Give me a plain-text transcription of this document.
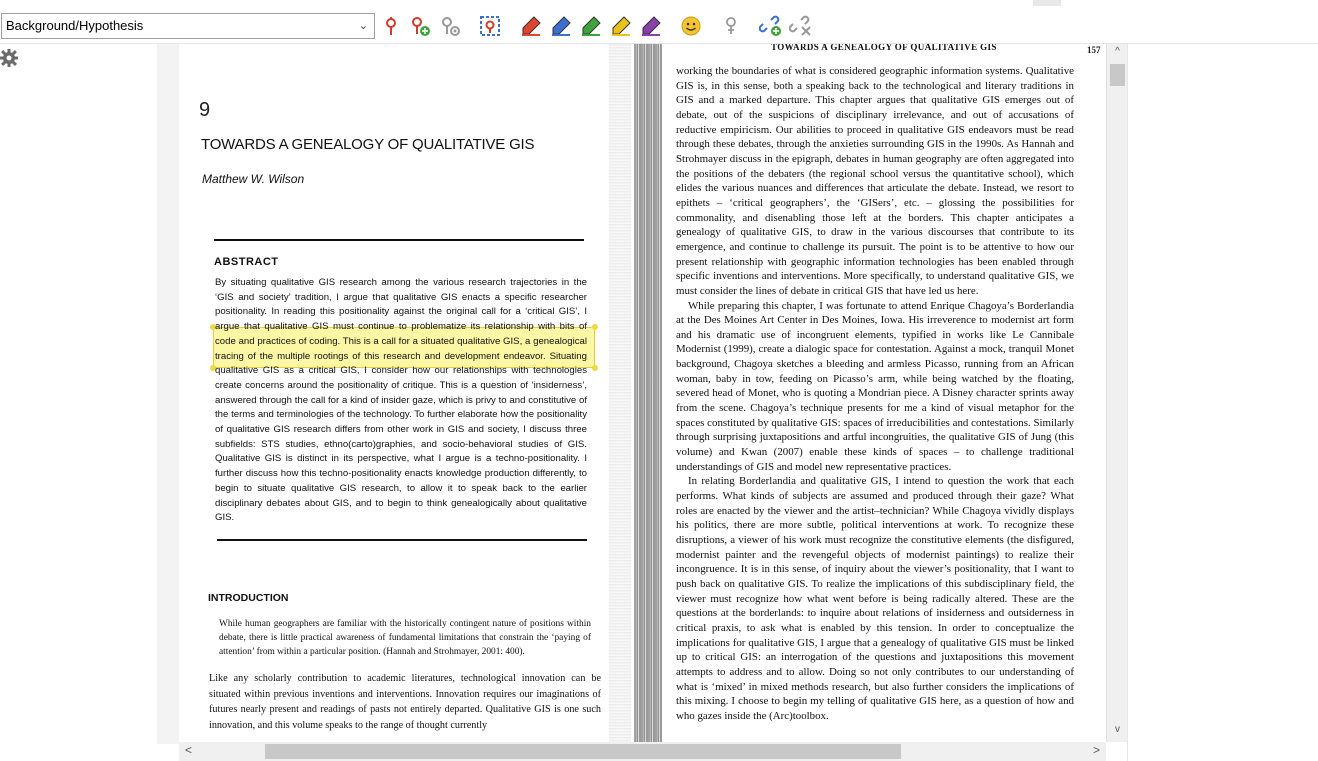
Background/Hypothesis	⌄
9
TOWARDS A GENEALOGY OF QUALITATIVE GIS
Matthew W. Wilson
ABSTRACT
By situating qualitative GIS research among the various research trajectories in the ‘GIS and society’ tradition, I argue that qualitative GIS enacts a specific researcher positionality. In reading this positionality against the original call for a ‘critical GIS’, I argue that qualitative GIS must continue to problematize its relationship with bits of code and practices of coding. This is a call for a situated qualitative GIS, a genealogical tracing of the multiple rootings of this research and development endeavor. Situating qualitative GIS as a critical GIS, I consider how our relationships with technologies create concerns around the positionality of critique. This is a question of ‘insiderness’, answered through the call for a kind of insider gaze, which is privy to and constitutive of the terms and terminologies of the technology. To further elaborate how the positionality of qualitative GIS research differs from other work in GIS and society, I discuss three subfields: STS studies, ethno(carto)graphies, and socio-behavioral studies of GIS. Qualitative GIS is distinct in its perspective, what I argue is a techno-positionality. I further discuss how this techno-positionality enacts knowledge production differently, to begin to situate qualitative GIS research, to allow it to speak back to the earlier disciplinary debates about GIS, and to begin to think genealogically about qualitative GIS.
INTRODUCTION
While human geographers are familiar with the historically contingent nature of positions within debate, there is little practical awareness of fundamental limitations that constrain the ‘paying of attention’ from within a particular position. (Hannah and Strohmayer, 2001: 400).
Like any scholarly contribution to academic literatures, technological innovation can be situated within previous inventions and interventions. Innovation requires our imaginations of futures nearly present and readings of pasts not entirely departed. Qualitative GIS is one such innovation, and this volume speaks to the range of thought currently
TOWARDS A GENEALOGY OF QUALITATIVE GIS	157

working the boundaries of what is considered geographic information systems. Qualitative GIS is, in this sense, both a speaking back to the technological and literary traditions in GIS and a marked departure. This chapter argues that qualitative GIS emerges out of debate, out of the suspicions of disciplinary irrelevance, and out of accusations of reductive empiricism. Our abilities to proceed in qualitative GIS endeavors must be read through these debates, through the anxieties surrounding GIS in the 1990s. As Hannah and Strohmayer discuss in the epigraph, debates in human geography are often aggregated into the positions of the debaters (the regional school versus the quantitative school), which elides the various nuances and differences that articulate the debate. Instead, we resort to epithets – ‘critical geographers’, the ‘GISers’, etc. – glossing the possibilities for commonality, and disenabling those left at the borders. This chapter anticipates a genealogy of qualitative GIS, to draw in the various discourses that contribute to its emergence, and continue to challenge its pursuit. The point is to be attentive to how our present relationship with geographic information technologies has been enabled through specific inventions and interventions. More specifically, to understand qualitative GIS, we must consider the lines of debate in critical GIS that have led us here.

While preparing this chapter, I was fortunate to attend Enrique Chagoya’s Borderlandia at the Des Moines Art Center in Des Moines, Iowa. His irreverence to modernist art form and his dramatic use of incongruent elements, typified in works like Le Cannibale Modernist (1999), create a dialogic space for contestation. Against a mock, tranquil Monet background, Chagoya sketches a bleeding and armless Picasso, running from an African woman, baby in tow, feeding on Picasso’s arm, while being watched by the floating, severed head of Monet, who is quoting a Mondrian piece. A Disney character sprints away from the scene. Chagoya’s technique presents for me a kind of visual metaphor for the spaces constituted by qualitative GIS: spaces of irreducibilities and contestations. Similarly through surprising juxtapositions and artful incongruities, the qualitative GIS of Jung (this volume) and Kwan (2007) enable these kinds of spaces – to challenge traditional understandings of GIS and model new representative practices.

In relating Borderlandia and qualitative GIS, I intend to question the work that each performs. What kinds of subjects are assumed and produced through their gaze? What roles are enacted by the viewer and the artist–technician? While Chagoya vividly displays his politics, there are more subtle, political interventions at work. To recognize these disruptions, a viewer of his work must recognize the constitutive elements (the disfigured, modernist painter and the revengeful objects of modernist paintings) to realize their incongruence. It is in this sense, of inquiry about the viewer’s positionality, that I want to push back on qualitative GIS. To realize the implications of this subdisciplinary field, the viewer must recognize how what went before is being radically altered. These are the questions at the borderlands: to inquire about relations of insiderness and outsiderness in critical praxis, to ask what is enabled by this tension. In order to conceptualize the implications for qualitative GIS, I argue that a genealogy of qualitative GIS must be linked up to critical GIS: an interrogation of the questions and juxtapositions this movement attempts to address and to allow. Doing so not only contributes to our understanding of what is ‘mixed’ in mixed methods research, but also further considers the implications of this mixing. I choose to begin my telling of qualitative GIS here, as a question of how and who gazes inside the (Arc)toolbox.

^
v
<	>
